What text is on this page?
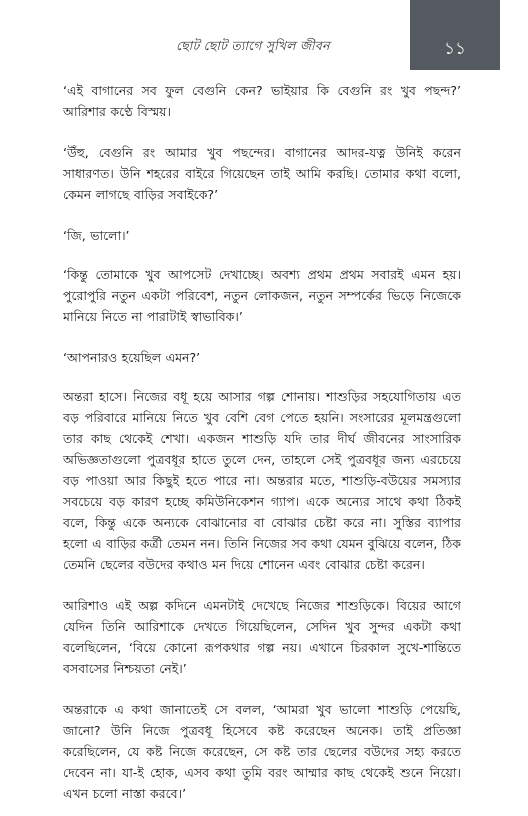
ছোট ছোট ত্যাগে সুখিল জীবন	১১

‘এই বাগানের সব ফুল বেগুনি কেন? ভাইয়ার কি বেগুনি রং খুব পছন্দ?’ আরিশার কণ্ঠে বিস্ময়।

‘উঁহু, বেগুনি রং আমার খুব পছন্দের। বাগানের আদর-যত্ন উনিই করেন সাধারণত। উনি শহরের বাইরে গিয়েছেন তাই আমি করছি। তোমার কথা বলো, কেমন লাগছে বাড়ির সবাইকে?’

‘জি, ভালো।’

‘কিন্তু তোমাকে খুব আপসেট দেখাচ্ছে। অবশ্য প্রথম প্রথম সবারই এমন হয়। পুরোপুরি নতুন একটা পরিবেশ, নতুন লোকজন, নতুন সম্পর্কের ভিড়ে নিজেকে মানিয়ে নিতে না পারাটাই স্বাভাবিক।’

‘আপনারও হয়েছিল এমন?’

অন্তরা হাসে। নিজের বধূ হয়ে আসার গল্প শোনায়। শাশুড়ির সহযোগিতায় এত বড় পরিবারে মানিয়ে নিতে খুব বেশি বেগ পেতে হয়নি। সংসারের মূলমন্ত্রগুলো তার কাছ থেকেই শেখা। একজন শাশুড়ি যদি তার দীর্ঘ জীবনের সাংসারিক অভিজ্ঞতাগুলো পুত্রবধূর হাতে তুলে দেন, তাহলে সেই পুত্রবধূর জন্য এরচেয়ে বড় পাওয়া আর কিছুই হতে পারে না। অন্তরার মতে, শাশুড়ি-বউয়ের সমস্যার সবচেয়ে বড় কারণ হচ্ছে কমিউনিকেশন গ্যাপ। একে অন্যের সাথে কথা ঠিকই বলে, কিন্তু একে অন্যকে বোঝানোর বা বোঝার চেষ্টা করে না। সুস্তির ব্যাপার হলো এ বাড়ির কর্ত্রী তেমন নন। তিনি নিজের সব কথা যেমন বুঝিয়ে বলেন, ঠিক তেমনি ছেলের বউদের কথাও মন দিয়ে শোনেন এবং বোঝার চেষ্টা করেন।

আরিশাও এই অল্প কদিনে এমনটাই দেখেছে নিজের শাশুড়িকে। বিয়ের আগে যেদিন তিনি আরিশাকে দেখতে গিয়েছিলেন, সেদিন খুব সুন্দর একটা কথা বলেছিলেন, ‘বিয়ে কোনো রূপকথার গল্প নয়। এখানে চিরকাল সুখে-শান্তিতে বসবাসের নিশ্চয়তা নেই।’

অন্তরাকে এ কথা জানাতেই সে বলল, ‘আমরা খুব ভালো শাশুড়ি পেয়েছি, জানো? উনি নিজে পুত্রবধূ হিসেবে কষ্ট করেছেন অনেক। তাই প্রতিজ্ঞা করেছিলেন, যে কষ্ট নিজে করেছেন, সে কষ্ট তার ছেলের বউদের সহ্য করতে দেবেন না। যা-ই হোক, এসব কথা তুমি বরং আম্মার কাছ থেকেই শুনে নিয়ো। এখন চলো নাস্তা করবে।’
